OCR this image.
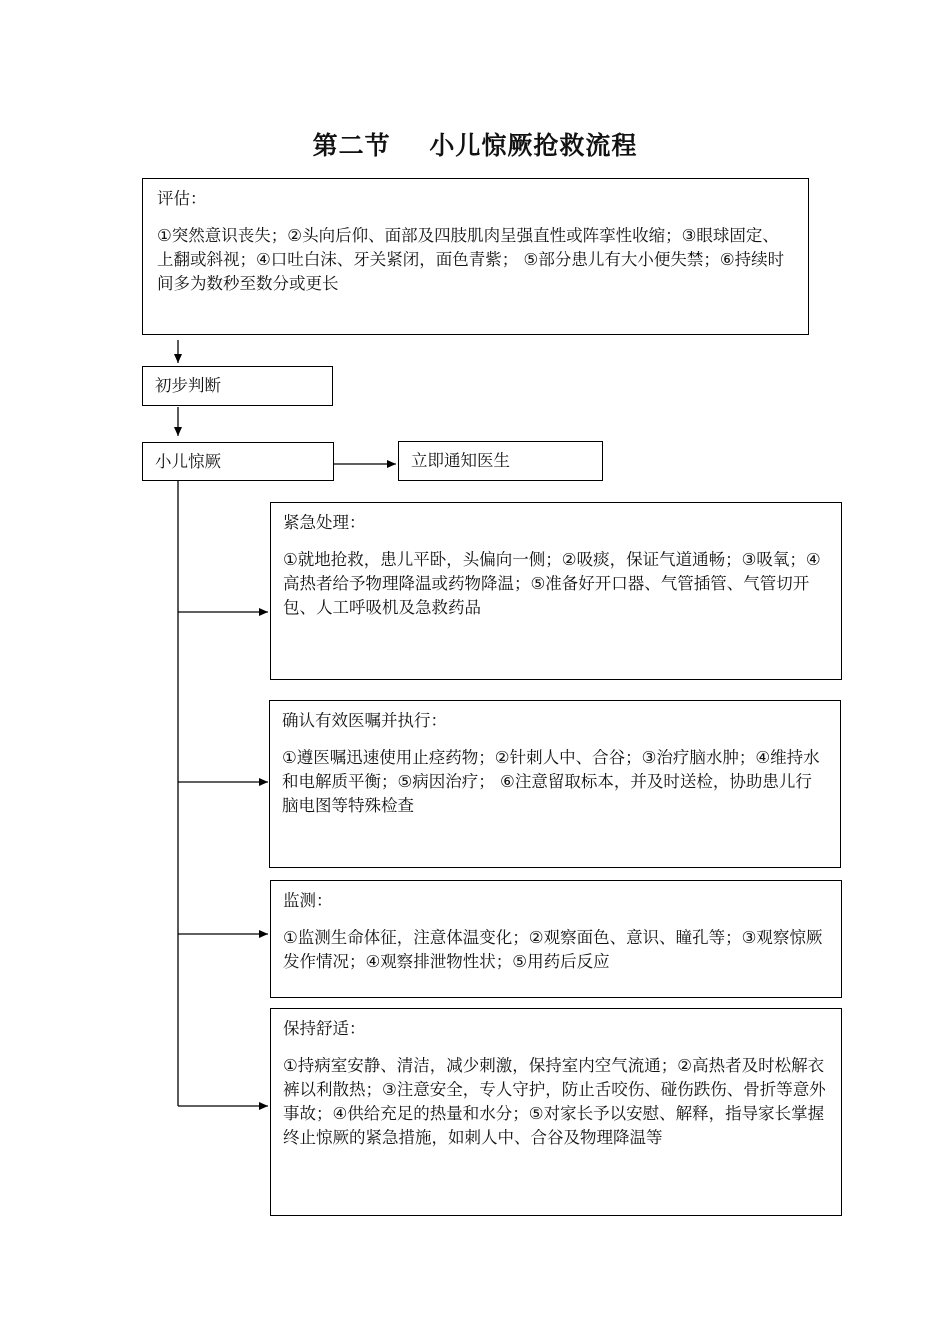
第二节    小儿惊厥抢救流程
评估：
①突然意识丧失；②头向后仰、面部及四肢肌肉呈强直性或阵挛性收缩；③眼球固定、上翻或斜视；④口吐白沫、牙关紧闭，面色青紫； ⑤部分患儿有大小便失禁；⑥持续时间多为数秒至数分或更长
初步判断
小儿惊厥	立即通知医生
紧急处理：
①就地抢救，患儿平卧，头偏向一侧；②吸痰，保证气道通畅；③吸氧；④高热者给予物理降温或药物降温；⑤准备好开口器、气管插管、气管切开包、人工呼吸机及急救药品
确认有效医嘱并执行：
①遵医嘱迅速使用止痉药物；②针刺人中、合谷；③治疗脑水肿；④维持水和电解质平衡；⑤病因治疗； ⑥注意留取标本，并及时送检，协助患儿行脑电图等特殊检查
监测：
①监测生命体征，注意体温变化；②观察面色、意识、瞳孔等；③观察惊厥发作情况；④观察排泄物性状；⑤用药后反应
保持舒适：
①持病室安静、清洁，减少刺激，保持室内空气流通；②高热者及时松解衣裤以利散热；③注意安全，专人守护，防止舌咬伤、碰伤跌伤、骨折等意外事故；④供给充足的热量和水分；⑤对家长予以安慰、解释，指导家长掌握终止惊厥的紧急措施，如刺人中、合谷及物理降温等
